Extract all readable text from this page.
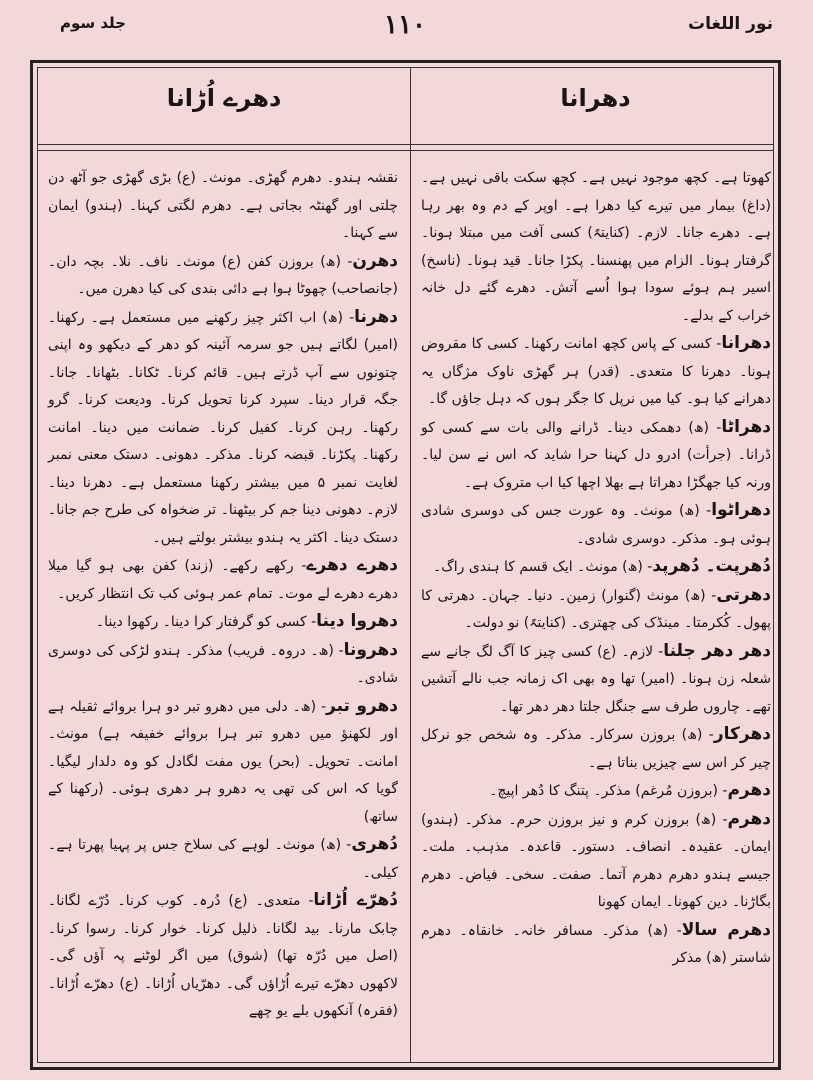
جلد سوم	۱۱۰	نور اللغات
دھرے اُڑانا	دھرانا

نقشہ ہندو۔ دھرم گھڑی۔ مونث۔ (ع) بڑی گھڑی جو آٹھ دن چلتی اور گھنٹہ بجاتی ہے۔ دھرم لگتی کہنا۔ (ہندو) ایمان سے کہنا۔

دھرن- (ھ) بروزن کفن (ع) مونث۔ ناف۔ نلا۔ بچہ دان۔ (جانصاحب) چھوٹا ہوا ہے دائی بندی کی کیا دھرن میں۔

دھرنا- (ھ) اب اکثر چیز رکھنے میں مستعمل ہے۔ رکھنا۔ (امیر) لگاتے ہیں جو سرمہ آئینہ کو دھر کے دیکھو وہ اپنی چتونوں سے آپ ڈرتے ہیں۔ قائم کرنا۔ ٹکانا۔ بٹھانا۔ جانا۔ جگہ قرار دینا۔ سپرد کرنا تحویل کرنا۔ ودیعت کرنا۔ گرو رکھنا۔ رہن کرنا۔ کفیل کرنا۔ ضمانت میں دینا۔ امانت رکھنا۔ پکڑنا۔ قبضہ کرنا۔ مذکر۔ دھونی۔ دستک معنی نمبر لغایت نمبر ۵ میں بیشتر رکھنا مستعمل ہے۔ دھرنا دینا۔ لازم۔ دھونی دینا جم کر بیٹھنا۔ تر ضخواہ کی طرح جم جانا۔ دستک دینا۔ اکثر یہ ہندو بیشتر بولتے ہیں۔

دھرے دھرے- رکھے رکھے۔ (زند) کفن بھی ہو گیا میلا دھرے دھرے لے موت۔ تمام عمر ہوئی کب تک انتظار کریں۔

دھروا دینا- کسی کو گرفتار کرا دینا۔ رکھوا دینا۔

دھرونا- (ھ۔ دروہ۔ فریب) مذکر۔ ہندو لڑکی کی دوسری شادی۔

دھرو تبر- (ھ۔ دلی میں دھرو تبر دو ہرا بروائے ثقیلہ ہے اور لکھنؤ میں دھرو تبر ہرا بروائے خفیفہ ہے) مونث۔ امانت۔ تحویل۔ (بحر) یوں مفت لگادل کو وہ دلدار لیگیا۔ گویا کہ اس کی تھی یہ دھرو ہر دھری ہوئی۔ (رکھنا کے ساتھ)

دُھری- (ھ) مونث۔ لوہے کی سلاخ جس پر پہیا پھرتا ہے۔ کیلی۔

دُھرّے اُڑانا- متعدی۔ (ع) دُرہ۔ کوب کرنا۔ دُرّے لگانا۔ چابک مارنا۔ بید لگانا۔ ذلیل کرنا۔ خوار کرنا۔ رسوا کرنا۔ (اصل میں دُرّہ تھا) (شوق) میں اگر لوٹنے پہ آؤں گی۔ لاکھوں دھرّے تیرے اُڑاؤں گی۔ دھرّیاں اُڑانا۔ (ع) دھرّے اُڑانا۔ (فقرہ) آنکھوں بلے یو چھے

کھوتا ہے۔ کچھ موجود نہیں ہے۔ کچھ سکت باقی نہیں ہے۔ (داغ) بیمار میں تیرے کیا دھرا ہے۔ اوپر کے دم وہ بھر رہا ہے۔ دھرے جانا۔ لازم۔ (کنایتہً) کسی آفت میں مبتلا ہونا۔ گرفتار ہونا۔ الزام میں پھنسنا۔ پکڑا جانا۔ قید ہونا۔ (ناسخ) اسیر ہم ہوئے سودا ہوا اُسے آتش۔ دھرے گئے دل خانہ خراب کے بدلے۔

دھرانا- کسی کے پاس کچھ امانت رکھنا۔ کسی کا مقروض ہونا۔ دھرنا کا متعدی۔ (قدر) ہر گھڑی ناوک مژگاں یہ دھرانے کیا ہو۔ کیا میں نرپل کا جگر ہوں کہ دہل جاؤں گا۔

دھراٹا- (ھ) دھمکی دینا۔ ڈرانے والی بات سے کسی کو ڈرانا۔ (جرأت) ادرو دل کہنا حرا شاید کہ اس نے سن لیا۔ ورنہ کیا جھگڑا دھراتا ہے بھلا اچھا کیا اب متروک ہے۔

دھراٹوا- (ھ) مونث۔ وہ عورت جس کی دوسری شادی ہوئی ہو۔ مذکر۔ دوسری شادی۔

دُھرپت۔ دُھرپد- (ھ) مونث۔ ایک قسم کا ہندی راگ۔

دھرتی- (ھ) مونث (گنوار) زمین۔ دنیا۔ جہان۔ دھرتی کا پھول۔ کُکرمتا۔ مینڈک کی چھتری۔ (کنایتہً) نو دولت۔

دھر دھر جلنا- لازم۔ (ع) کسی چیز کا آگ لگ جانے سے شعلہ زن ہونا۔ (امیر) تھا وہ بھی اک زمانہ جب نالے آتشیں تھے۔ چاروں طرف سے جنگل جلتا دھر دھر تھا۔

دھرکار- (ھ) بروزن سرکار۔ مذکر۔ وہ شخص جو نرکل چیر کر اس سے چیزیں بناتا ہے۔

دھرم- (بروزن مُرغم) مذکر۔ پتنگ کا دُھر اپیچ۔

دھرم- (ھ) بروزن کرم و نیز بروزن حرم۔ مذکر۔ (ہندو) ایمان۔ عقیدہ۔ انصاف۔ دستور۔ قاعدہ۔ مذہب۔ ملت۔ جیسے ہندو دھرم دھرم آتما۔ صفت۔ سخی۔ فیاض۔ دھرم بگاڑنا۔ دین کھونا۔ ایمان کھونا

دھرم سالا- (ھ) مذکر۔ مسافر خانہ۔ خانقاہ۔ دھرم شاستر (ھ) مذکر
